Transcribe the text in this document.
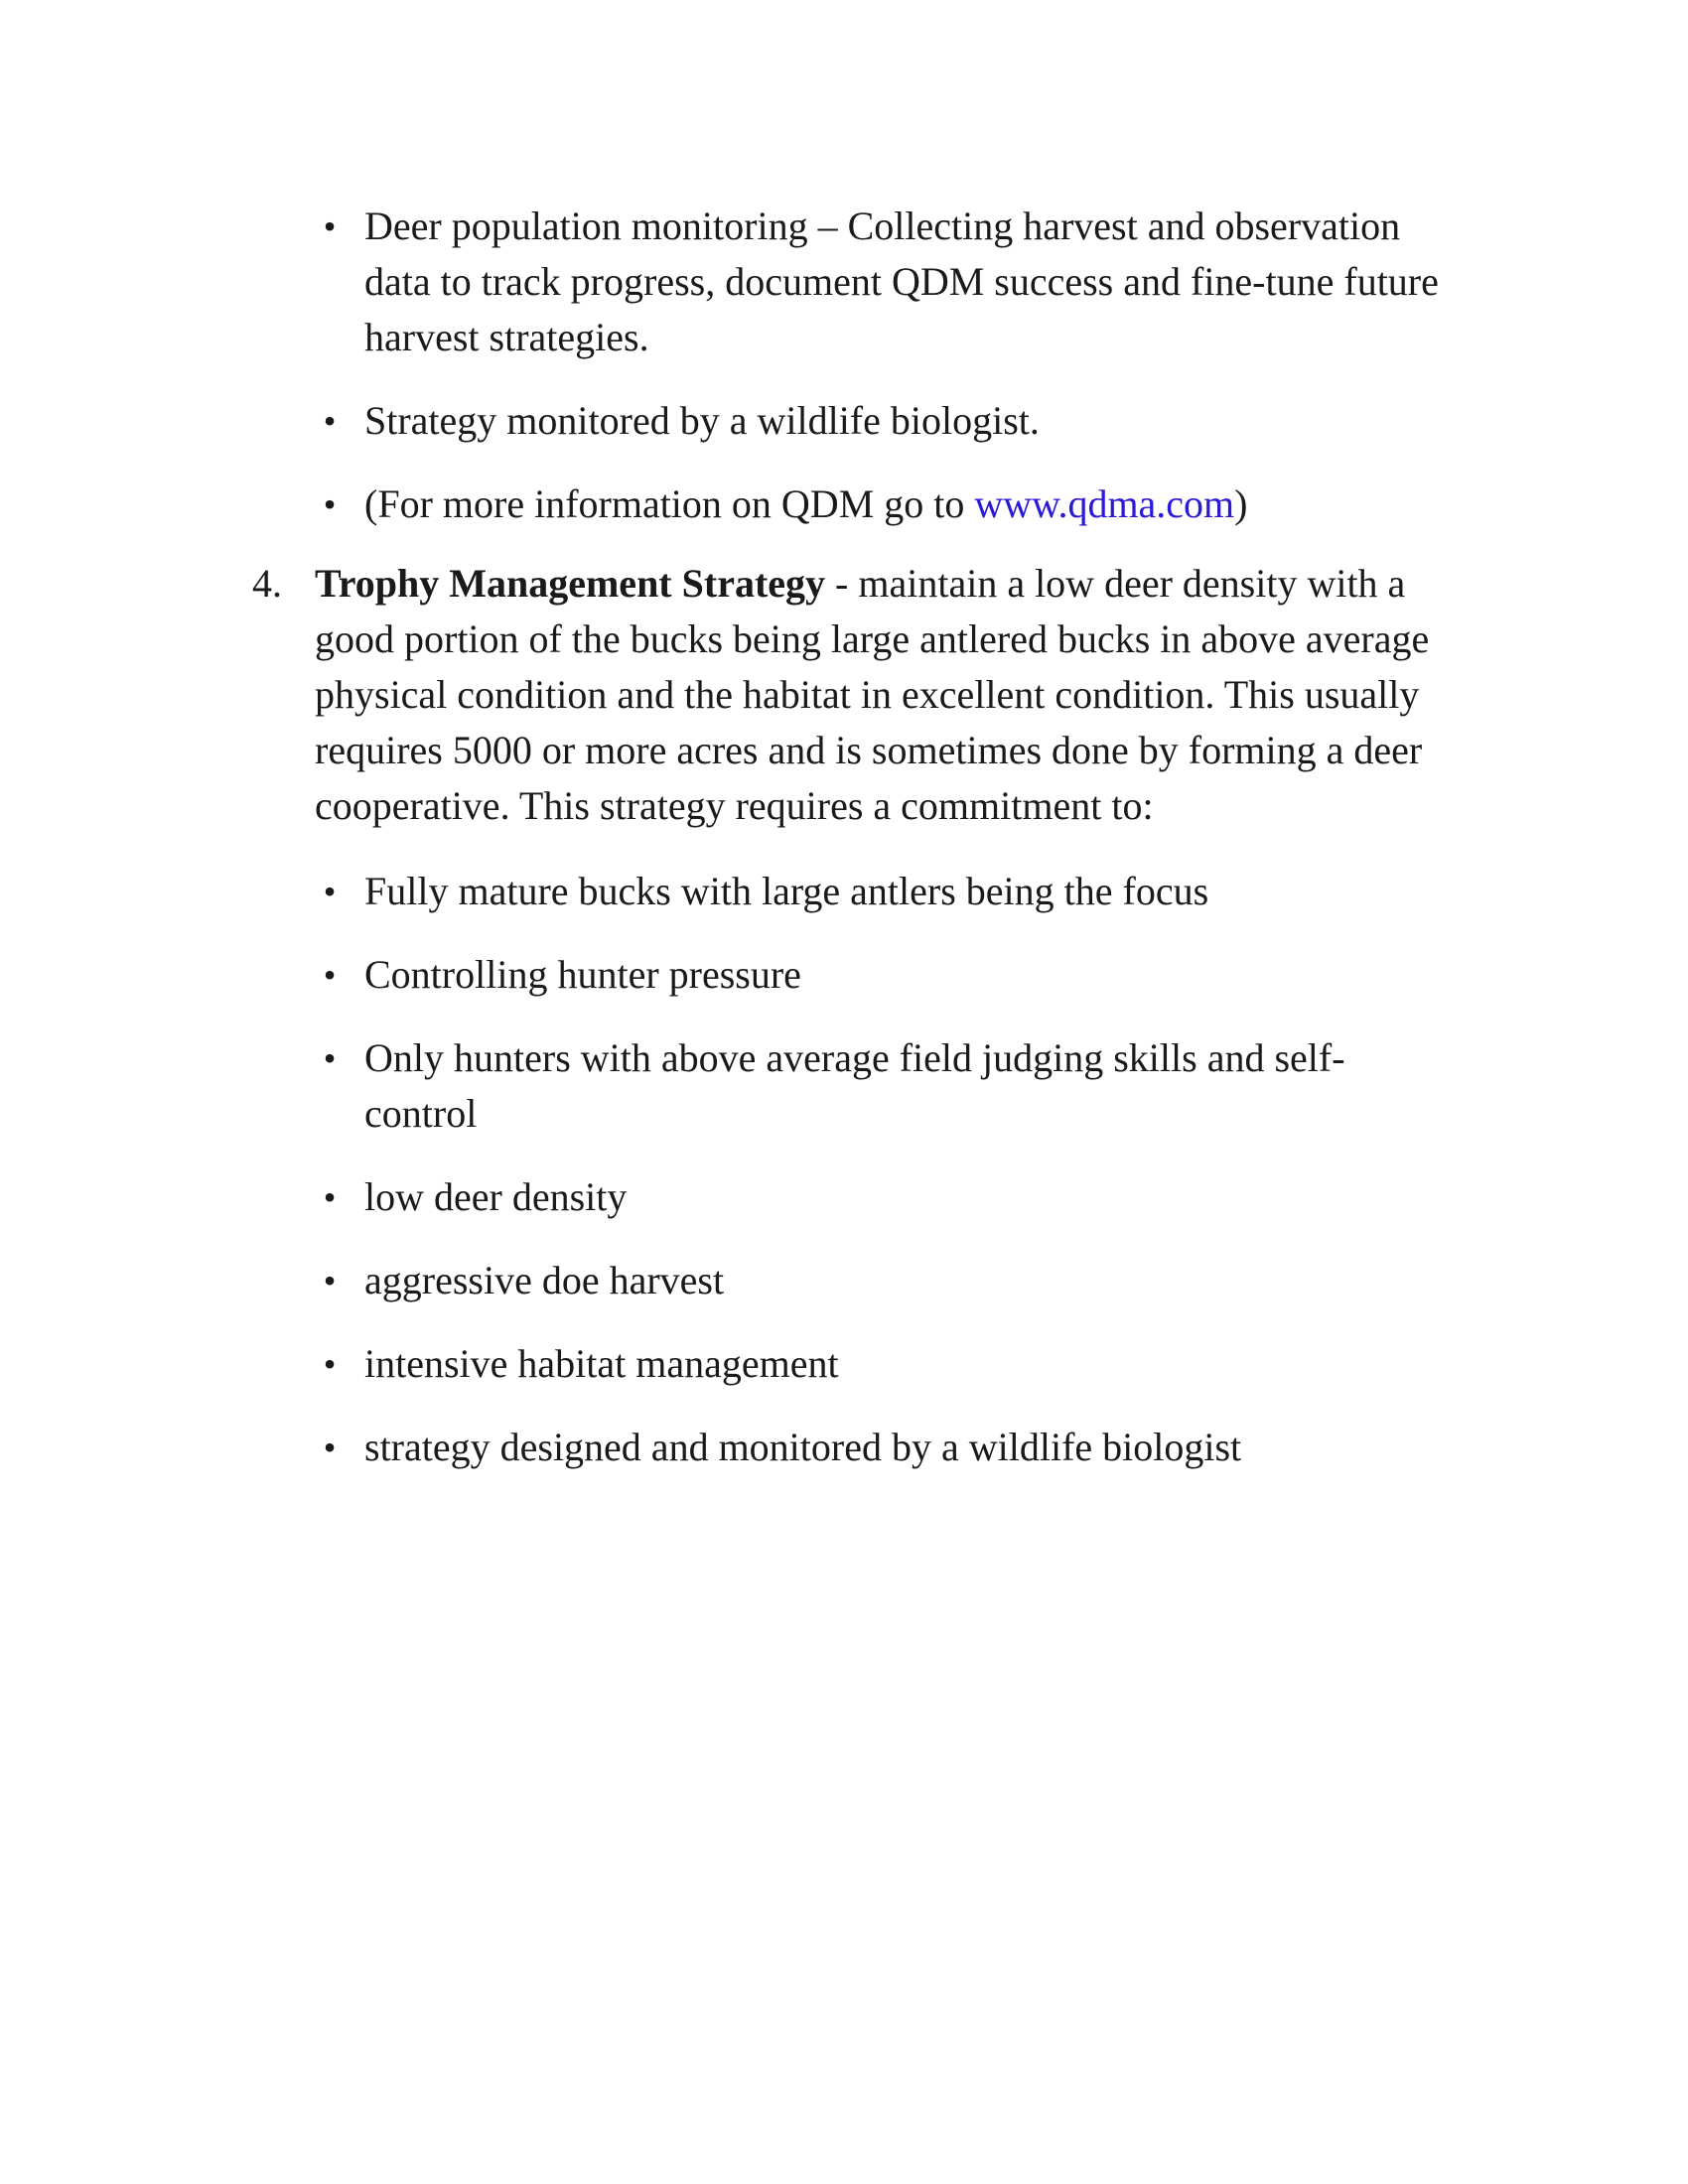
• Deer population monitoring – Collecting harvest and observation data to track progress, document QDM success and fine-tune future harvest strategies.
• Strategy monitored by a wildlife biologist.
• (For more information on QDM go to www.qdma.com)
4. Trophy Management Strategy - maintain a low deer density with a good portion of the bucks being large antlered bucks in above average physical condition and the habitat in excellent condition. This usually requires 5000 or more acres and is sometimes done by forming a deer cooperative. This strategy requires a commitment to:
• Fully mature bucks with large antlers being the focus
• Controlling hunter pressure
• Only hunters with above average field judging skills and self-control
• low deer density
• aggressive doe harvest
• intensive habitat management
• strategy designed and monitored by a wildlife biologist
